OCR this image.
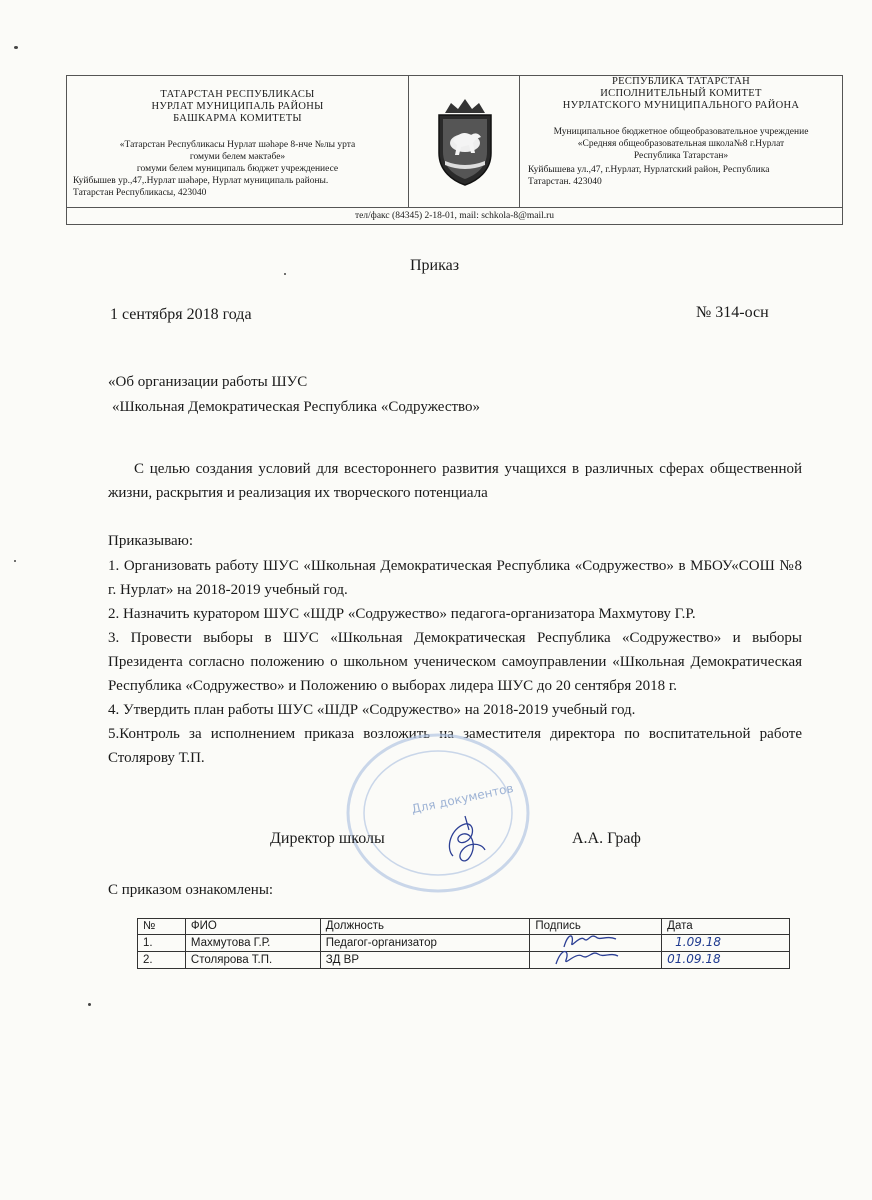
ТАТАРСТАН РЕСПУБЛИКАСЫ
НУРЛАТ МУНИЦИПАЛЬ РАЙОНЫ
БАШКАРМА КОМИТЕТЫ
«Татарстан Республикасы Нурлат шәһәре 8-нче №лы урта
гомуми белем мәктәбе»
гомуми белем муниципаль бюджет учреждениесе
Куйбышев ур.,47,.Нурлат шәһәре, Нурлат муниципаль районы.
Татарстан Республикасы, 423040
РЕСПУБЛИКА ТАТАРСТАН
ИСПОЛНИТЕЛЬНЫЙ КОМИТЕТ
НУРЛАТСКОГО МУНИЦИПАЛЬНОГО РАЙОНА
Муниципальное бюджетное общеобразовательное учреждение
«Средняя общеобразовательная школа№8 г.Нурлат
Республика Татарстан»
Куйбышева ул.,47, г.Нурлат, Нурлатский район, Республика
Татарстан. 423040
тел/факс (84345) 2-18-01, mail: schkola-8@mail.ru
Приказ
1 сентября 2018 года	№ 314-осн
«Об организации работы ШУС
«Школьная Демократическая Республика «Содружество»
С целью создания условий для всестороннего развития учащихся в различных сферах общественной жизни, раскрытия и реализация их творческого потенциала
Приказываю:

1. Организовать работу ШУС «Школьная Демократическая Республика «Содружество» в МБОУ«СОШ №8 г. Нурлат» на 2018-2019 учебный год.

2. Назначить куратором ШУС «ШДР «Содружество» педагога-организатора Махмутову Г.Р.

3. Провести выборы в ШУС «Школьная Демократическая Республика «Содружество» и выборы Президента согласно положению о школьном ученическом самоуправлении «Школьная Демократическая Республика «Содружество» и Положению о выборах лидера ШУС до 20 сентября 2018 г.

4. Утвердить план работы ШУС «ШДР «Содружество» на 2018-2019 учебный год.

5.Контроль за исполнением приказа возложить на заместителя директора по воспитательной работе Столярову Т.П.

Для документов
Директор школы	А.А. Граф
С приказом ознакомлены:
№	ФИО	Должность	Подпись	Дата
1.	Махмутова Г.Р.	Педагог-организатор		1.09.18
2.	Столярова Т.П.	ЗД ВР		01.09.18
